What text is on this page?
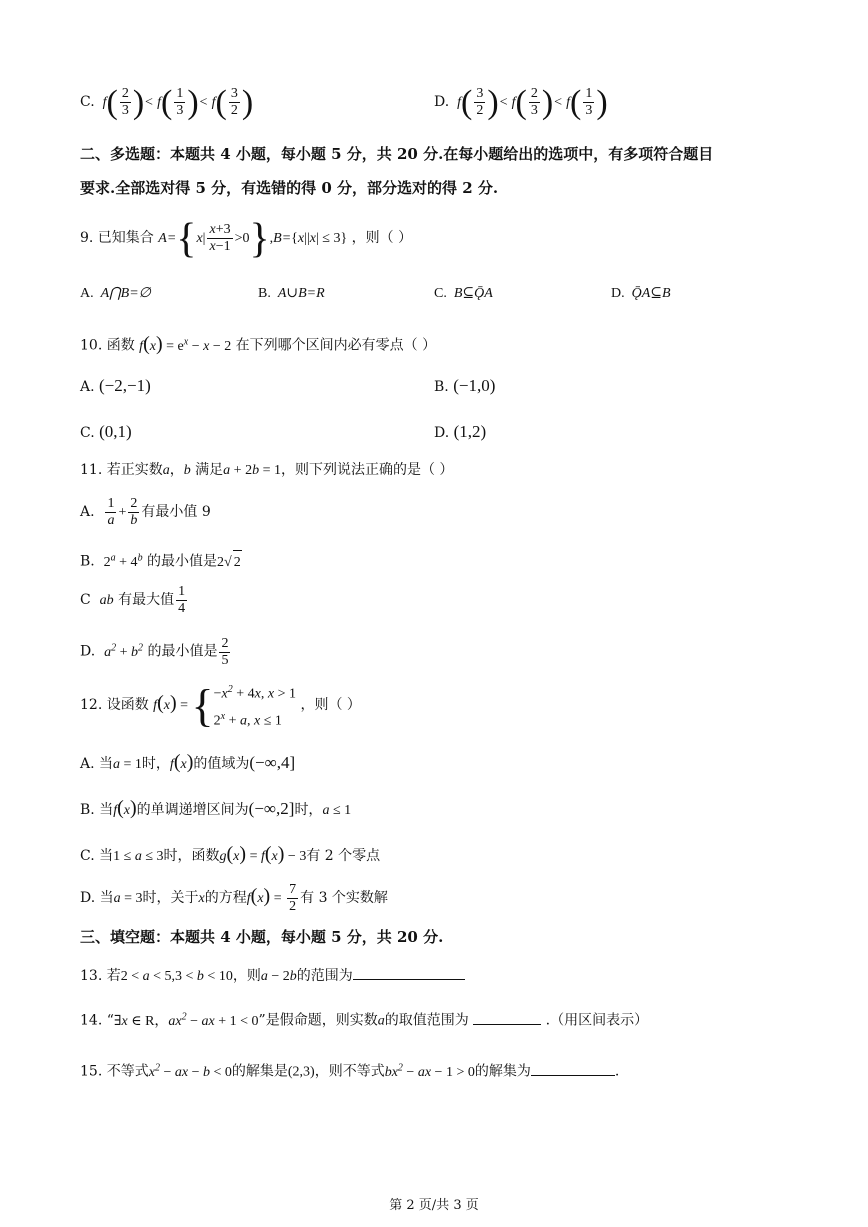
C.  $f( \frac{2}{3}$ )< $f( \frac{1}{3}$ )< $f( \frac{3}{2}$ )	D.  $f( \frac{3}{2}$ )< $f( \frac{2}{3}$ )< $f( \frac{1}{3}$ )
二、多选题：本题共 4 小题，每小题 5 分，共 20 分.在每小题给出的选项中，有多项符合题目
要求.全部选对得 5 分，有选错的得 0 分，部分选对的得 2 分.
9. 已知集合 $A=\{x| \frac{x+3}{x-1} >0\},B=\{x||x| \le 3\}$ ，则（ ）
A. A⋂B=∅	B. A∪B=R	C. B⊆ǬA	D. ǬA⊆B
10. 函数 $f(x) = e^x - x - 2$ 在下列哪个区间内必有零点（ ）
A. (−2,−1)	B. (−1,0)
C. (0,1)	D. (1,2)
11. 若正实数a，b 满足a + 2b = 1，则下列说法正确的是（ ）
A. $\frac{1}{a} + \frac{2}{b}$ 有最小值 9
B. $2^a + 4^b$ 的最小值是2√ 2
C ab 有最大值 $\frac{1}{4}$
D. $a^2 + b^2$ 的最小值是 $\frac{2}{5}$
12. 设函数 f(x) = { $-x^2 + 4x$, x > 1
$2^x + a$, x ≤ 1
，则（ ）
A. 当a = 1时，f(x)的值域为(−∞,4]
B. 当f(x)的单调递增区间为(−∞,2]时，a ≤ 1
C. 当1 ≤ a ≤ 3时，函数g(x) = f(x) − 3有 2 个零点
D. 当a = 3时，关于x的方程$f(x) = \frac{7}{2}$ 有 3 个实数解
三、填空题：本题共 4 小题，每小题 5 分，共 20 分.
13. 若2 < a < 5,3 < b < 10，则a − 2b的范围为
14. “∃x ∈ R，$ax^2$ − ax + 1 < 0”是假命题，则实数a的取值范围为	.（用区间表示）
15. 不等式$x^2$ − ax − b < 0的解集是(2,3)，则不等式$bx^2$ − ax − 1 > 0的解集为	.
第 2 页/共 3 页
